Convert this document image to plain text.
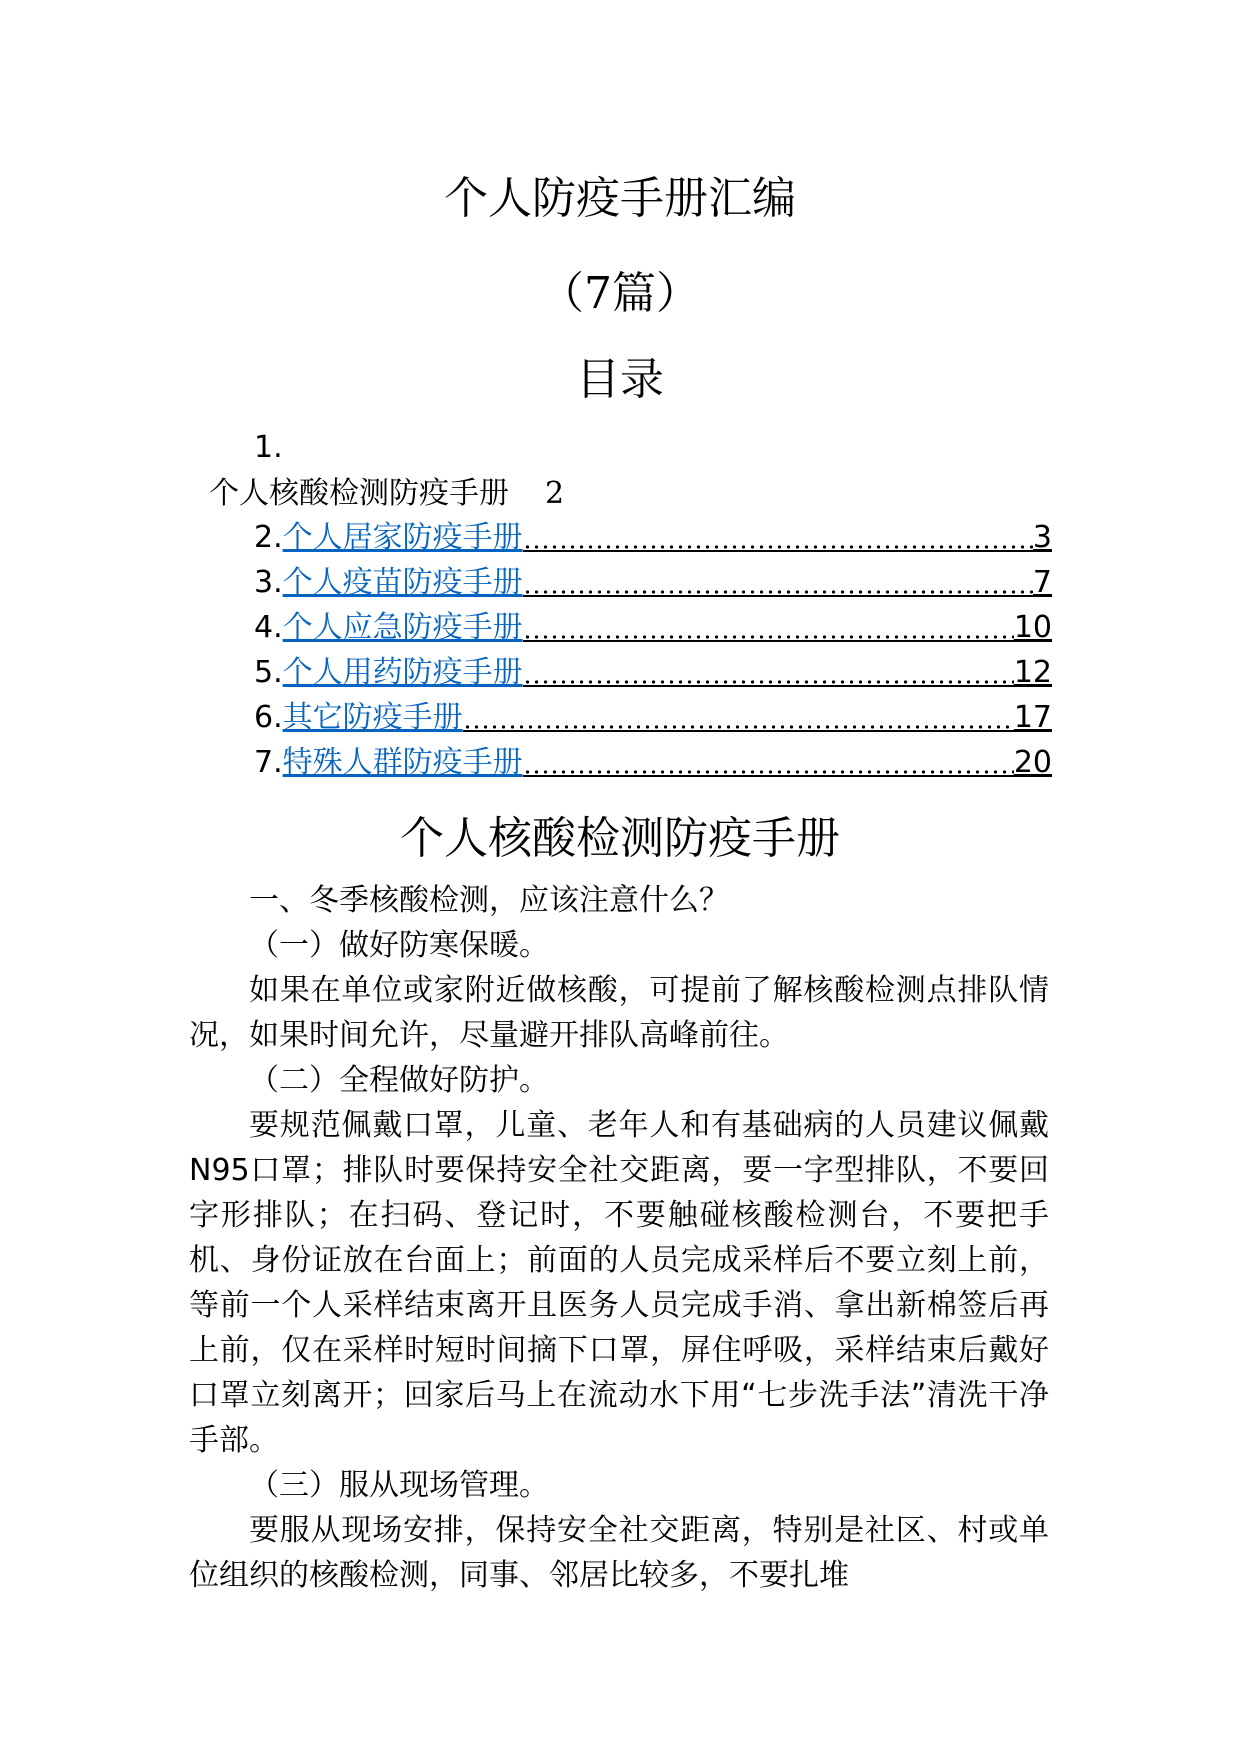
个人防疫手册汇编
（7篇）
目录
1.
个人核酸检测防疫手册 2
2. 个人居家防疫手册	3
3. 个人疫苗防疫手册	7
4. 个人应急防疫手册	10
5. 个人用药防疫手册	12
6. 其它防疫手册	17
7. 特殊人群防疫手册	20
个人核酸检测防疫手册

一、冬季核酸检测，应该注意什么？

（一）做好防寒保暖。

如果在单位或家附近做核酸，可提前了解核酸检测点排队情况，如果时间允许，尽量避开排队高峰前往。

（二）全程做好防护。

要规范佩戴口罩，儿童、老年人和有基础病的人员建议佩戴N95口罩；排队时要保持安全社交距离，要一字型排队，不要回字形排队；在扫码、登记时，不要触碰核酸检测台，不要把手机、身份证放在台面上；前面的人员完成采样后不要立刻上前，等前一个人采样结束离开且医务人员完成手消、拿出新棉签后再上前，仅在采样时短时间摘下口罩，屏住呼吸，采样结束后戴好口罩立刻离开；回家后马上在流动水下用“七步洗手法”清洗干净手部。

（三）服从现场管理。

要服从现场安排，保持安全社交距离，特别是社区、村或单位组织的核酸检测，同事、邻居比较多，不要扎堆
